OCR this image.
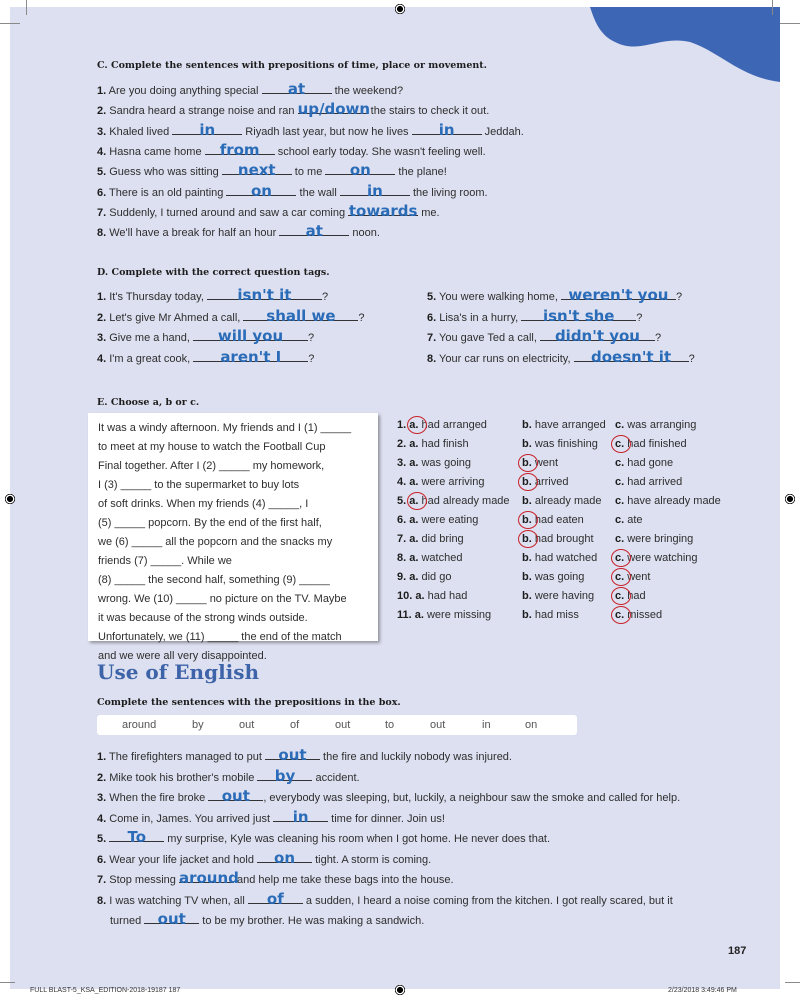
C. Complete the sentences with prepositions of time, place or movement.
1. Are you doing anything special	at	the weekend?
2. Sandra heard a strange noise and ran up/down
the stairs to check it out.
3. Khaled lived	in	Riyadh last year, but now he lives	in	Jeddah.
4. Hasna came home	from	school early today. She wasn't feeling well.
5. Guess who was sitting	next	to me	on	the plane!
6. There is an old painting	on	the wall	in	the living room.
7. Suddenly, I turned around and saw a car coming towards me.
8. We'll have a break for half an hour	at	noon.
D. Complete with the correct question tags.
1. It's Thursday today,	isn't it	?
2. Let's give Mr Ahmed a call,	shall we	?
3. Give me a hand,	will you	?
4. I'm a great cook,	aren't I	?
5. You were walking home, weren't you ?
6. Lisa's in a hurry,	isn't she	?
7. You gave Ted a call, didn't you	?
8. Your car runs on electricity,	doesn't it	?
E. Choose a, b or c.
It was a windy afternoon. My friends and I (1) _____
to meet at my house to watch the Football Cup
Final together. After I (2) _____ my homework,
I (3) _____ to the supermarket to buy lots
of soft drinks. When my friends (4) _____, I
(5) _____ popcorn. By the end of the first half,
we (6) _____ all the popcorn and the snacks my
friends (7) _____. While we
(8) _____ the second half, something (9) _____
wrong. We (10) _____ no picture on the TV. Maybe
it was because of the strong winds outside.
Unfortunately, we (11) _____ the end of the match
and we were all very disappointed.
1. a. had arranged	b. have arranged c. was arranging
2. a. had finish	b. was finishing c. had finished
3. a. was going	b. went	c. had gone
4. a. were arriving	b. arrived	c. had arrived
5. a. had already made b. already made c. have already made
6. a. were eating	b. had eaten	c. ate
7. a. did bring	b. had brought c. were bringing
8. a. watched	b. had watched c. were watching
9. a. did go	b. was going	c. went
10. a. had had	b. were having c. had
11. a. were missing	b. had miss	c. missed
Use of English
Complete the sentences with the prepositions in the box.
around	by	out	of	out	to	out	in	on
1. The firefighters managed to put out	the fire and luckily nobody was injured.
2. Mike took his brother's mobile	by	accident.
3. When the fire broke out	, everybody was sleeping, but, luckily, a neighbour saw the smoke and called for help.
4. Come in, James. You arrived just	in	time for dinner. Join us!
5.	To	my surprise, Kyle was cleaning his room when I got home. He never does that.
6. Wear your life jacket and hold	on	tight. A storm is coming.
7. Stop messing around
and help me take these bags into the house.
8. I was watching TV when, all	of	a sudden, I heard a noise coming from the kitchen. I got really scared, but it
turned out	to be my brother. He was making a sandwich.
187
FULL BLAST-5_KSA_EDITION-2018-19187 187	2/23/2018 3:49:46 PM
